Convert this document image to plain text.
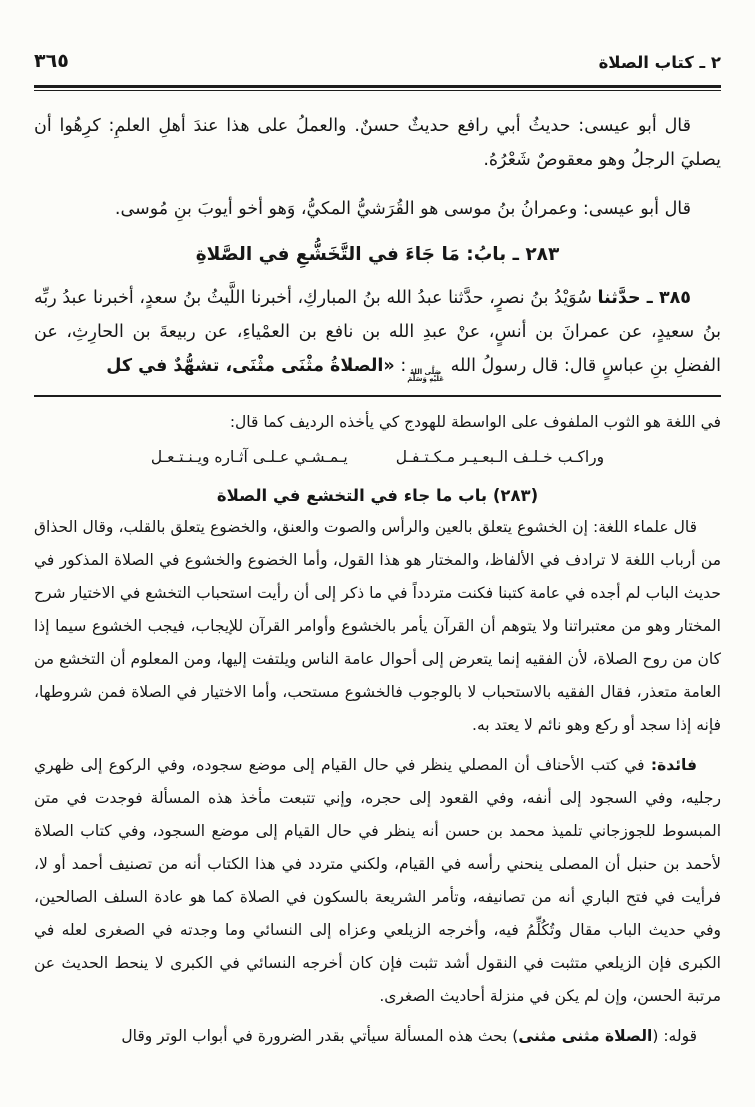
٢ ـ كتاب الصلاة
٣٦٥

قال أبو عيسى: حديثُ أبي رافع حديثٌ حسنٌ. والعملُ على هذا عندَ أهلِ العلمِ: كرِهُوا أن يصليَ الرجلُ وهو معقوصٌ شَعْرُهُ.

قال أبو عيسى: وعمرانُ بنُ موسى هو القُرَشيُّ المكيُّ، وَهو أخو أيوبَ بنِ مُوسى.

٢٨٣ ـ بابُ: مَا جَاءَ في التَّخَشُّعِ في الصَّلاةِ

٣٨٥ ـ حدَّثنا سُوَيْدُ بنُ نصرٍ، حدَّثنا عبدُ الله بنُ المباركِ، أخبرنا اللَّيثُ بنُ سعدٍ، أخبرنا عبدُ ربِّه بنُ سعيدٍ، عن عمرانَ بن أنسٍ، عنْ عبدِ الله بن نافع بن العمْياءِ، عن ربيعةَ بن الحارِثِ، عن الفضلِ بنِ عباسٍ قال: قال رسولُ الله
صَلَّى اللهُ
عَلَيْهِ وَسَلَّمَ
: «الصلاةُ مثْنَى مثْنَى، تشهُّدٌ في كل

في اللغة هو الثوب الملفوف على الواسطة للهودج كي يأخذه الرديف كما قال:

وراكـب خـلـف الـبعـيـر مـكـتـفـل
يـمـشـي عـلـى آثـاره ويـنـتـعـل
(٢٨٣) باب ما جاء في التخشع في الصلاة

قال علماء اللغة: إن الخشوع يتعلق بالعين والرأس والصوت والعنق، والخضوع يتعلق بالقلب، وقال الحذاق من أرباب اللغة لا ترادف في الألفاظ، والمختار هو هذا القول، وأما الخضوع والخشوع في الصلاة المذكور في حديث الباب لم أجده في عامة كتبنا فكنت متردداً في ما ذكر إلى أن رأيت استحباب التخشع في الاختيار شرح المختار وهو من معتبراتنا ولا يتوهم أن القرآن يأمر بالخشوع وأوامر القرآن للإيجاب، فيجب الخشوع سيما إذا كان من روح الصلاة، لأن الفقيه إنما يتعرض إلى أحوال عامة الناس ويلتفت إليها، ومن المعلوم أن التخشع من العامة متعذر، فقال الفقيه بالاستحباب لا بالوجوب فالخشوع مستحب، وأما الاختيار في الصلاة فمن شروطها، فإنه إذا سجد أو ركع وهو نائم لا يعتد به.

فائدة: في كتب الأحناف أن المصلي ينظر في حال القيام إلى موضع سجوده، وفي الركوع إلى ظهري رجليه، وفي السجود إلى أنفه، وفي القعود إلى حجره، وإني تتبعت مأخذ هذه المسألة فوجدت في متن المبسوط للجوزجاني تلميذ محمد بن حسن أنه ينظر في حال القيام إلى موضع السجود، وفي كتاب الصلاة لأحمد بن حنبل أن المصلى ينحني رأسه في القيام، ولكني متردد في هذا الكتاب أنه من تصنيف أحمد أو لا، فرأيت في فتح الباري أنه من تصانيفه، وتأمر الشريعة بالسكون في الصلاة كما هو عادة السلف الصالحين، وفي حديث الباب مقال وتُكُلِّمُ فيه، وأخرجه الزيلعي وعزاه إلى النسائي وما وجدته في الصغرى لعله في الكبرى فإن الزيلعي متثبت في النقول أشد تثبت فإن كان أخرجه النسائي في الكبرى لا ينحط الحديث عن مرتبة الحسن، وإن لم يكن في منزلة أحاديث الصغرى.

قوله: (الصلاة مثنى مثنى) بحث هذه المسألة سيأتي بقدر الضرورة في أبواب الوتر وقال
